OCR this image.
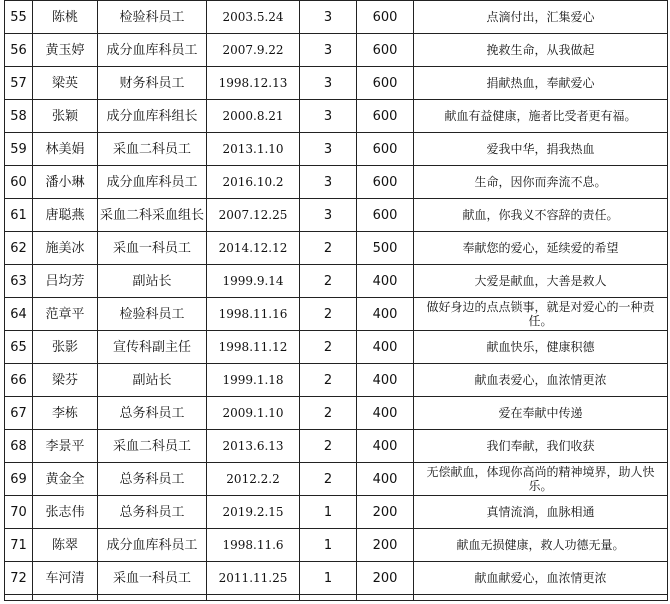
55	陈桃	检验科员工	2003.5.24	3	600	点滴付出，汇集爱心
56	黄玉婷	成分血库科员工	2007.9.22	3	600	挽救生命，从我做起
57	梁英	财务科员工	1998.12.13	3	600	捐献热血，奉献爱心
58	张颖	成分血库科组长	2000.8.21	3	600	献血有益健康，施者比受者更有福。
59	林美娟	采血二科员工	2013.1.10	3	600	爱我中华，捐我热血
60	潘小琳	成分血库科员工	2016.10.2	3	600	生命，因你而奔流不息。
61	唐聪燕	采血二科采血组长	2007.12.25	3	600	献血，你我义不容辞的责任。
62	施美冰	采血一科员工	2014.12.12	2	500	奉献您的爱心，延续爱的希望
63	吕均芳	副站长	1999.9.14	2	400	大爱是献血，大善是救人
64	范章平	检验科员工	1998.11.16	2	400	做好身边的点点锁事，就是对爱心的一种责任。
65	张影	宣传科副主任	1998.11.12	2	400	献血快乐，健康积德
66	梁芬	副站长	1999.1.18	2	400	献血表爱心，血浓情更浓
67	李栋	总务科员工	2009.1.10	2	400	爱在奉献中传递
68	李景平	采血二科员工	2013.6.13	2	400	我们奉献，我们收获
69	黄金全	总务科员工	2012.2.2	2	400	无偿献血，体现你高尚的精神境界，助人快乐。
70	张志伟	总务科员工	2019.2.15	1	200	真情流淌，血脉相通
71	陈翠	成分血库科员工	1998.11.6	1	200	献血无损健康，救人功德无量。
72	车河清	采血一科员工	2011.11.25	1	200	献血献爱心，血浓情更浓
